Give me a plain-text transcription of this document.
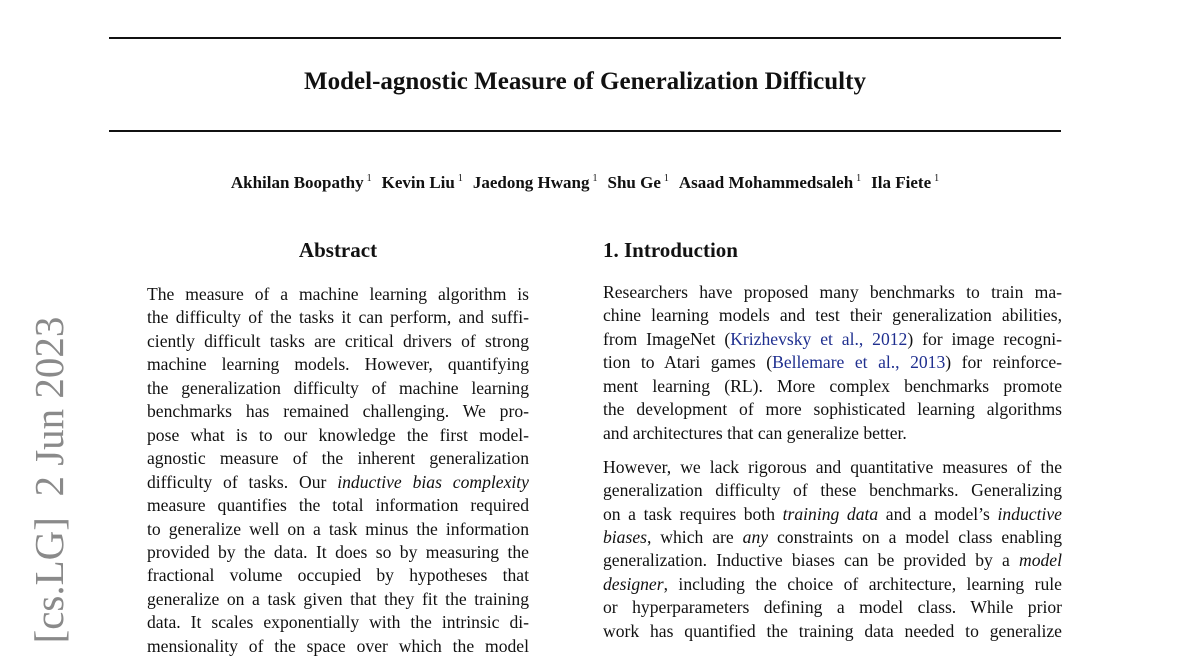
[cs.LG]  2 Jun 2023
Model-agnostic Measure of Generalization Difficulty
Akhilan Boopathy $^1$ Kevin Liu $^1$ Jaedong Hwang $^1$ Shu Ge $^1$ Asaad Mohammedsaleh $^1$ Ila Fiete $^1$
Abstract	1. Introduction
The measure of a machine learning algorithm is
the difficulty of the tasks it can perform, and suffi-
ciently difficult tasks are critical drivers of strong
machine learning models. However, quantifying
the generalization difficulty of machine learning
benchmarks has remained challenging. We pro-
pose what is to our knowledge the first model-
agnostic measure of the inherent generalization
difficulty of tasks. Our inductive bias complexity
measure quantifies the total information required
to generalize well on a task minus the information
provided by the data. It does so by measuring the
fractional volume occupied by hypotheses that
generalize on a task given that they fit the training
data. It scales exponentially with the intrinsic di-
mensionality of the space over which the model
Researchers have proposed many benchmarks to train ma-
chine learning models and test their generalization abilities,
from ImageNet (Krizhevsky et al., 2012) for image recogni-
tion to Atari games (Bellemare et al., 2013) for reinforce-
ment learning (RL). More complex benchmarks promote
the development of more sophisticated learning algorithms
and architectures that can generalize better.
However, we lack rigorous and quantitative measures of the
generalization difficulty of these benchmarks. Generalizing
on a task requires both training data and a model’s inductive
biases, which are any constraints on a model class enabling
generalization. Inductive biases can be provided by a model
designer, including the choice of architecture, learning rule
or hyperparameters defining a model class. While prior
work has quantified the training data needed to generalize
